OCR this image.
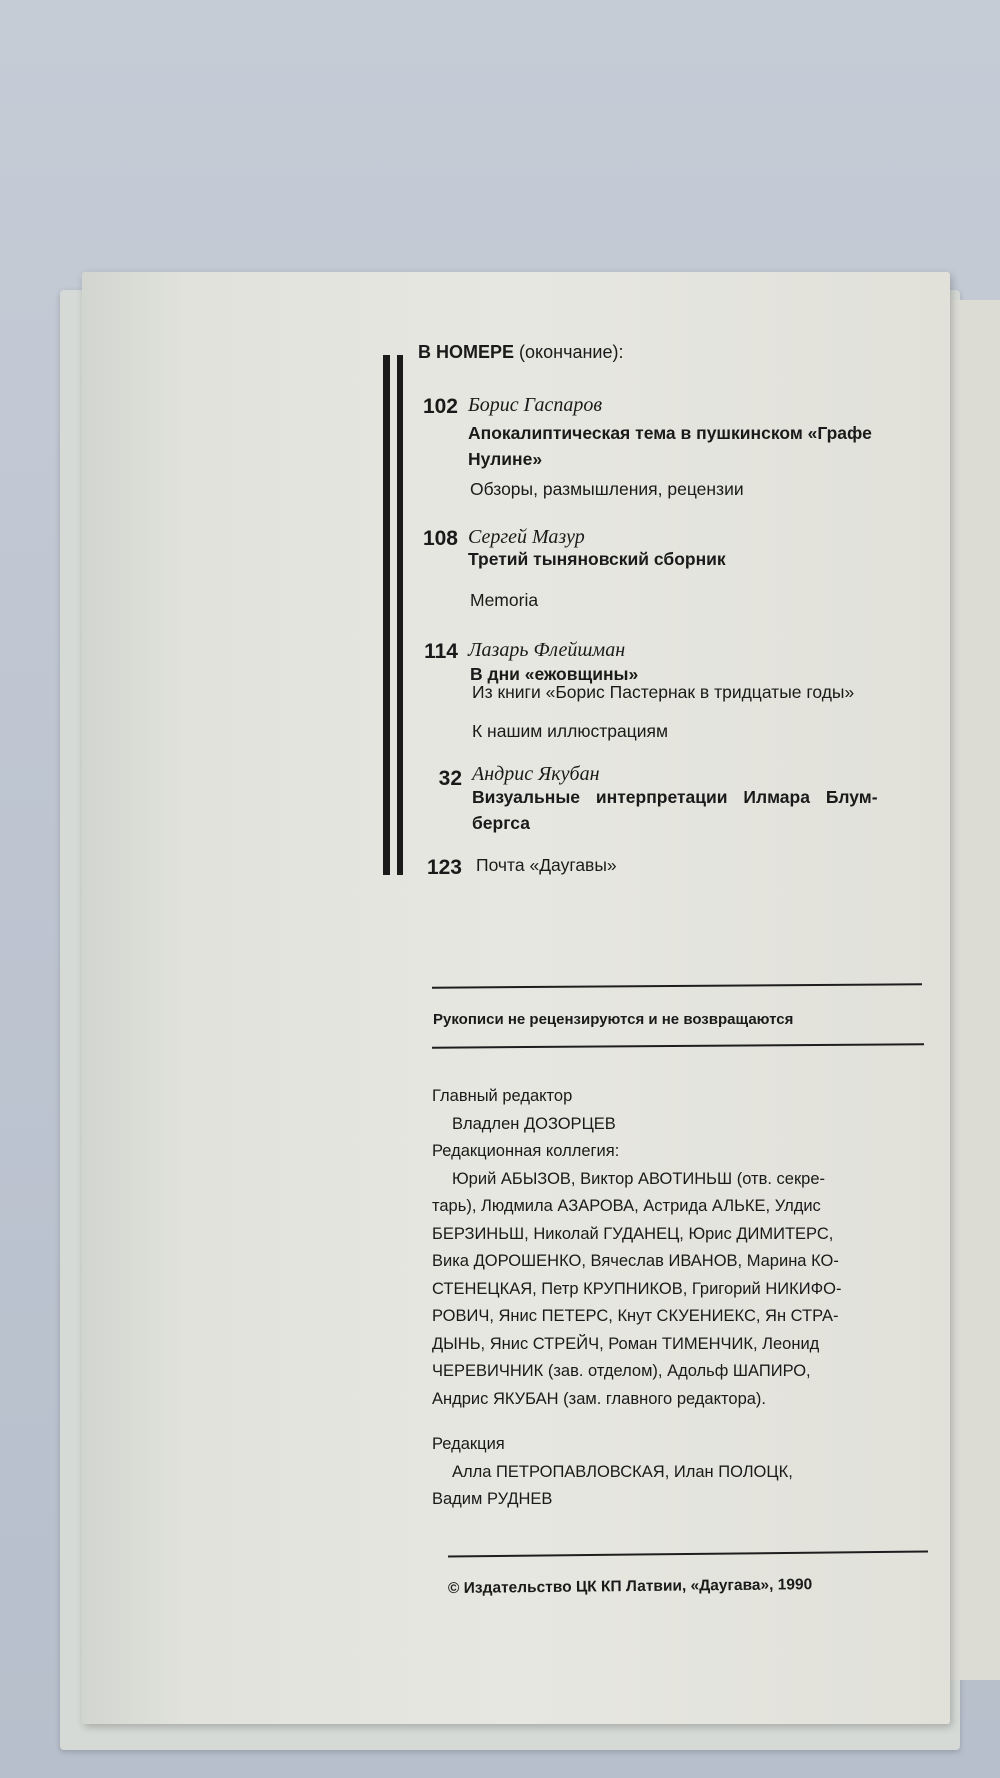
В НОМЕРЕ (окончание):
102 Борис Гаспаров
Апокалиптическая тема в пушкинском «Графе
Нулине»
Обзоры, размышления, рецензии
108 Сергей Мазур
Третий тыняновский сборник
Memoria
114 Лазарь Флейшман
В дни «ежовщины»
Из книги «Борис Пастернак в тридцатые годы»
К нашим иллюстрациям
32 Андрис Якубан
Визуальные интерпретации Илмара Блум-
бергса
123 Почта «Даугавы»
Рукописи не рецензируются и не возвращаются

Главный редактор

Владлен ДОЗОРЦЕВ

Редакционная коллегия:

Юрий АБЫЗОВ, Виктор АВОТИНЬШ (отв. секре-

тарь), Людмила АЗАРОВА, Астрида АЛЬКЕ, Улдис

БЕРЗИНЬШ, Николай ГУДАНЕЦ, Юрис ДИМИТЕРС,

Вика ДОРОШЕНКО, Вячеслав ИВАНОВ, Марина КО-

СТЕНЕЦКАЯ, Петр КРУПНИКОВ, Григорий НИКИФО-

РОВИЧ, Янис ПЕТЕРС, Кнут СКУЕНИЕКС, Ян СТРА-

ДЫНЬ, Янис СТРЕЙЧ, Роман ТИМЕНЧИК, Леонид

ЧЕРЕВИЧНИК (зав. отделом), Адольф ШАПИРО,

Андрис ЯКУБАН (зам. главного редактора).

Редакция

Алла ПЕТРОПАВЛОВСКАЯ, Илан ПОЛОЦК,

Вадим РУДНЕВ

© Издательство ЦК КП Латвии, «Даугава», 1990
